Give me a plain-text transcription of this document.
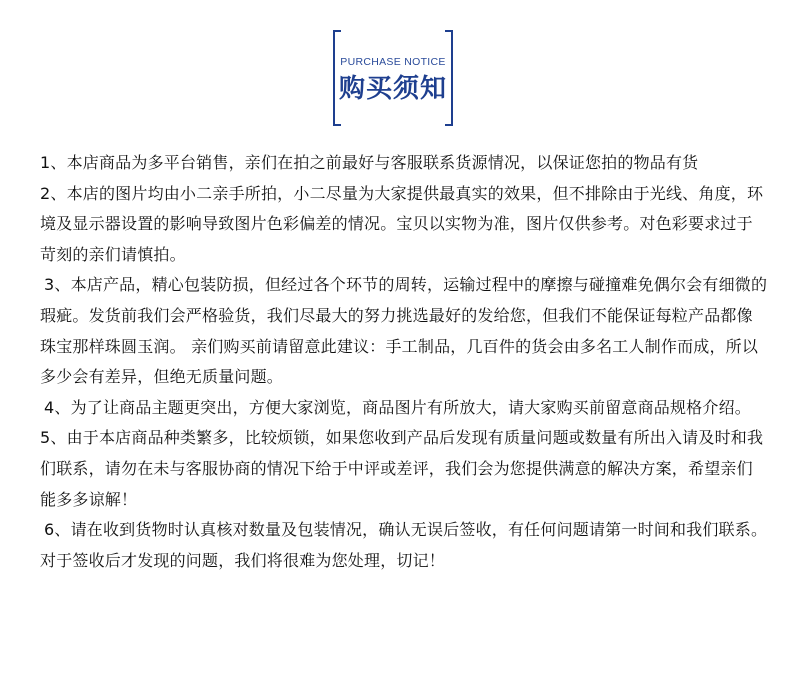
PURCHASE NOTICE
购买须知

1、本店商品为多平台销售，亲们在拍之前最好与客服联系货源情况，以保证您拍的物品有货

2、本店的图片均由小二亲手所拍，小二尽量为大家提供最真实的效果，但不排除由于光线、角度，环境及显示器设置的影响导致图片色彩偏差的情况。宝贝以实物为准，图片仅供参考。对色彩要求过于苛刻的亲们请慎拍。

3、本店产品，精心包装防损，但经过各个环节的周转，运输过程中的摩擦与碰撞难免偶尔会有细微的瑕疵。发货前我们会严格验货，我们尽最大的努力挑选最好的发给您，但我们不能保证每粒产品都像珠宝那样珠圆玉润。 亲们购买前请留意此建议：手工制品，几百件的货会由多名工人制作而成，所以多少会有差异，但绝无质量问题。

4、为了让商品主题更突出，方便大家浏览，商品图片有所放大，请大家购买前留意商品规格介绍。

5、由于本店商品种类繁多，比较烦锁，如果您收到产品后发现有质量问题或数量有所出入请及时和我们联系，请勿在未与客服协商的情况下给于中评或差评，我们会为您提供满意的解决方案，希望亲们能多多谅解！

6、请在收到货物时认真核对数量及包装情况，确认无误后签收，有任何问题请第一时间和我们联系。对于签收后才发现的问题，我们将很难为您处理，切记！
